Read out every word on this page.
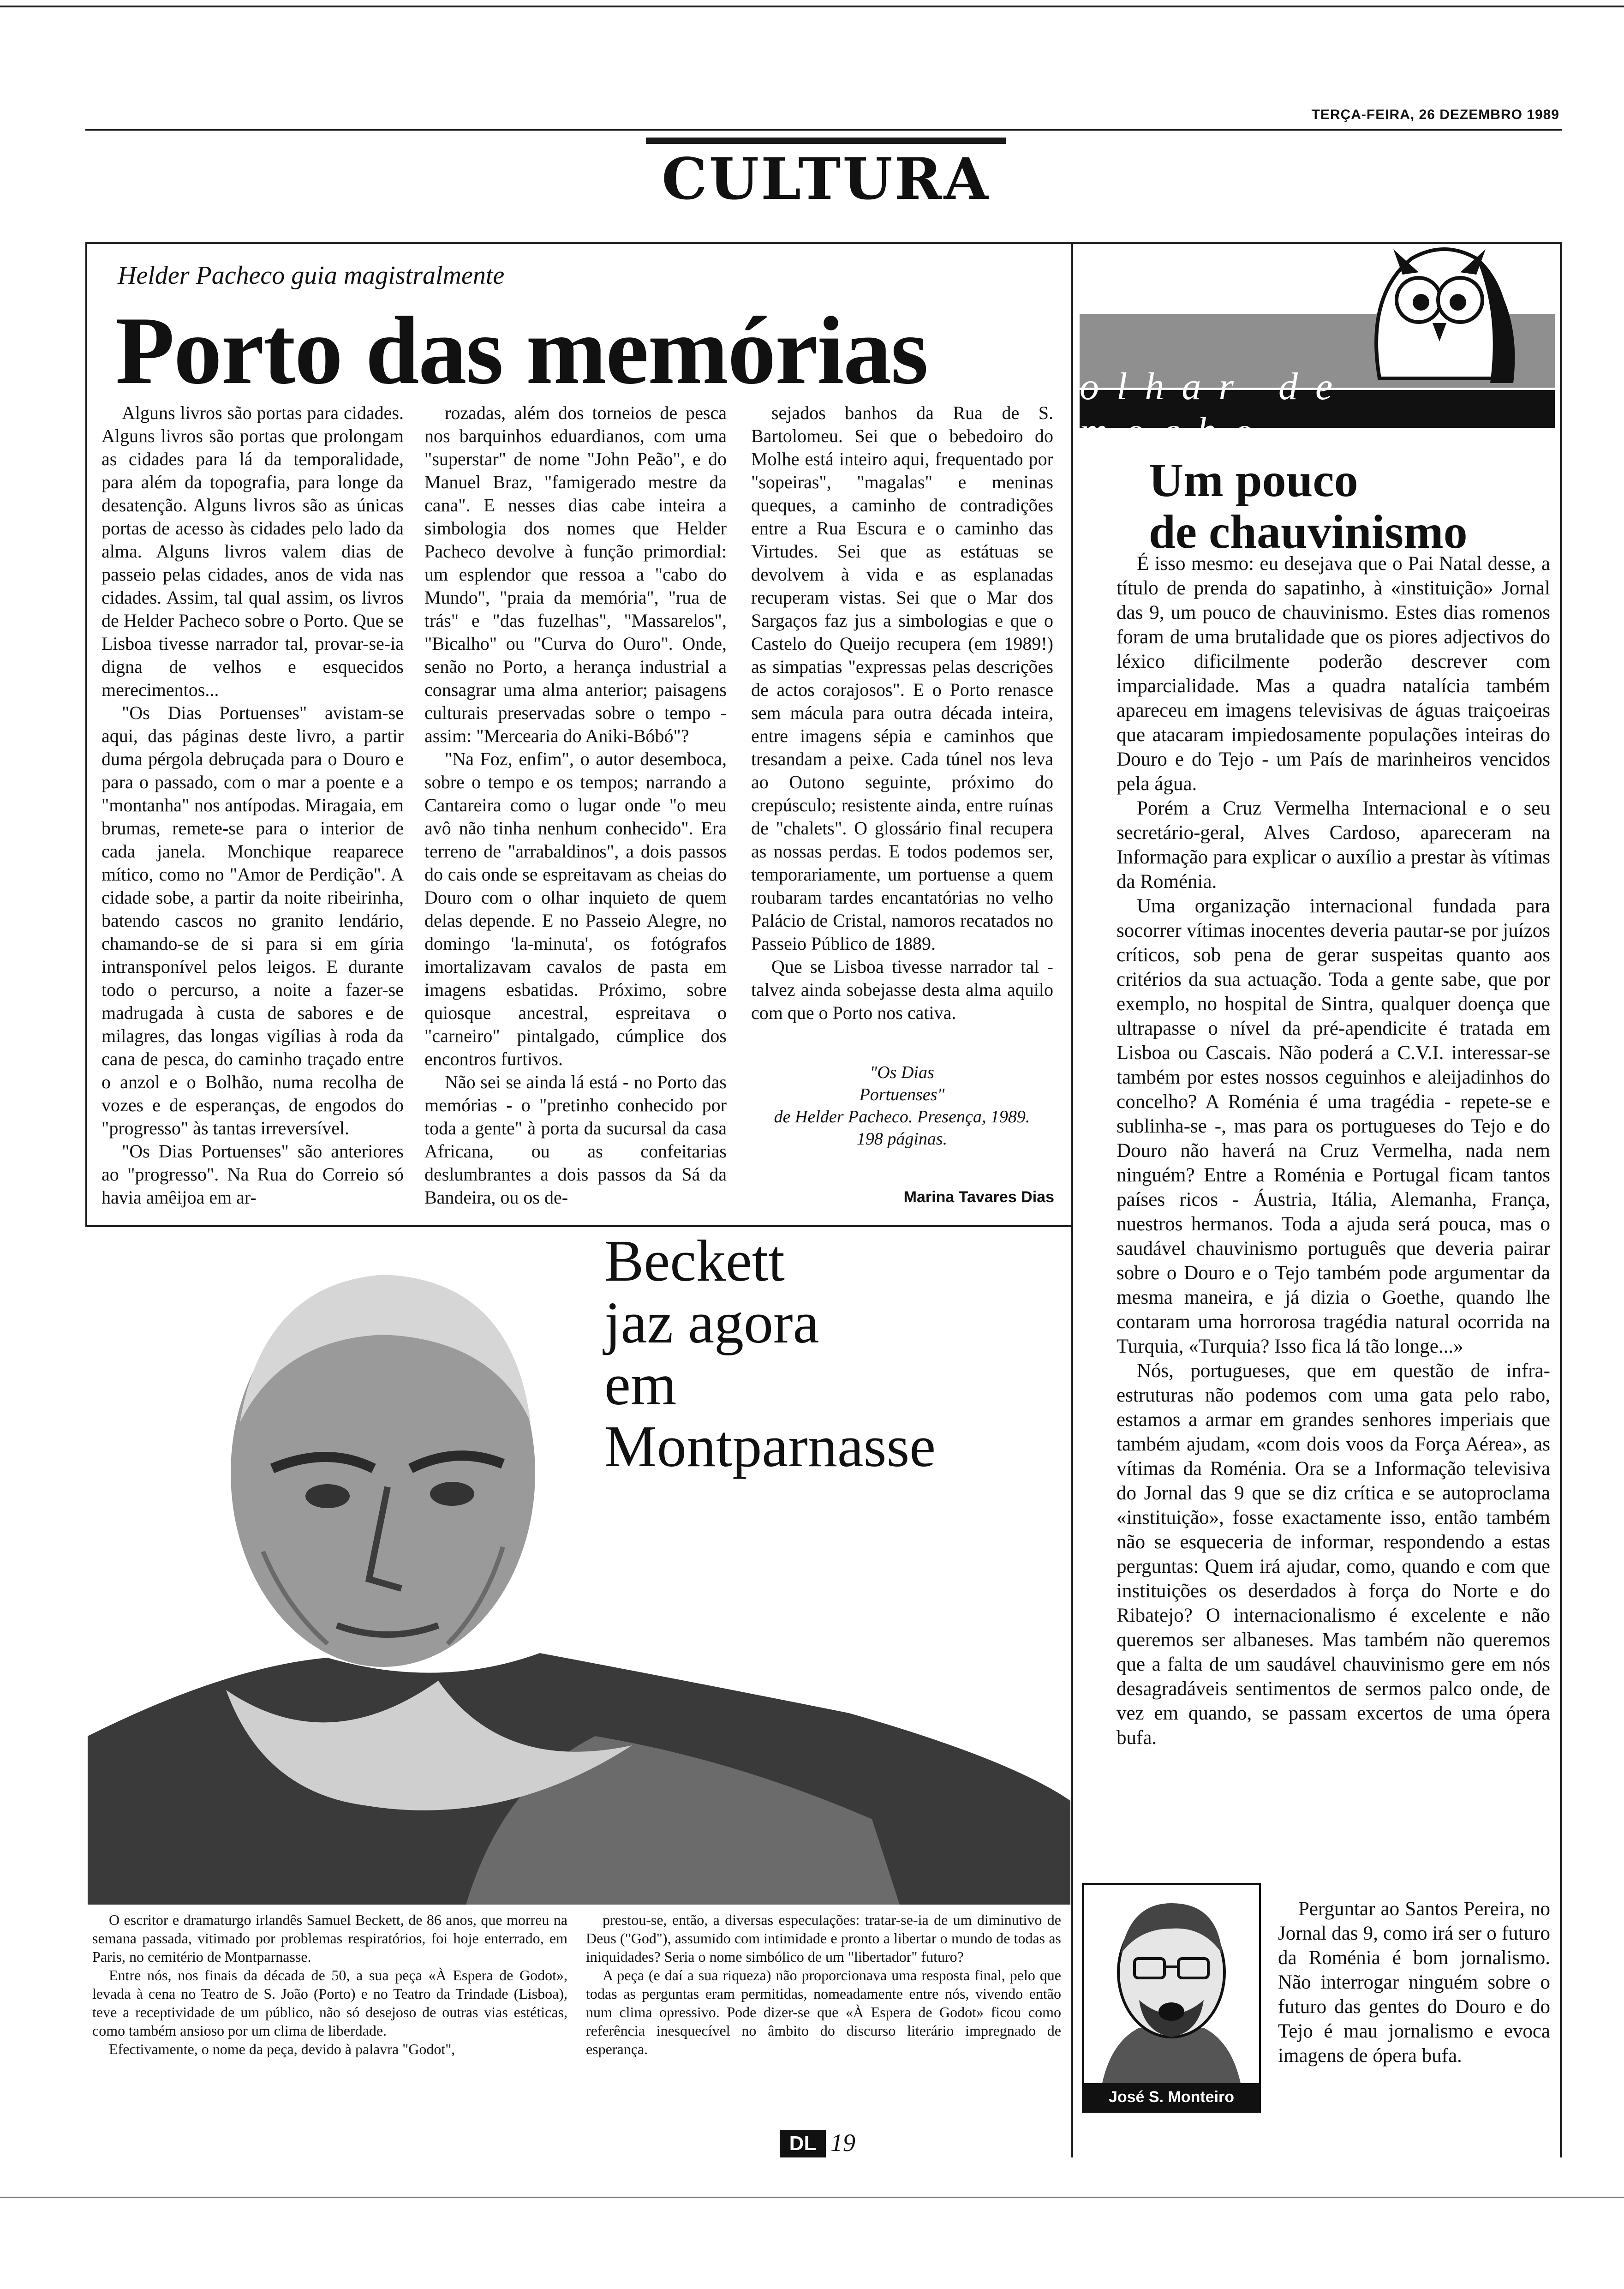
TERÇA-FEIRA, 26 DEZEMBRO 1989
CULTURA
Helder Pacheco guia magistralmente
Porto das memórias

Alguns livros são portas para cidades. Alguns livros são portas que prolongam as cidades para lá da temporalidade, para além da topografia, para longe da desatenção. Alguns livros são as únicas portas de acesso às cidades pelo lado da alma. Alguns livros valem dias de passeio pelas cidades, anos de vida nas cidades. Assim, tal qual assim, os livros de Helder Pacheco sobre o Porto. Que se Lisboa tivesse narrador tal, provar-se-ia digna de velhos e esquecidos merecimentos...

"Os Dias Portuenses" avistam-se aqui, das páginas deste livro, a partir duma pérgola debruçada para o Douro e para o passado, com o mar a poente e a "montanha" nos antípodas. Miragaia, em brumas, remete-se para o interior de cada janela. Monchique reaparece mítico, como no "Amor de Perdição". A cidade sobe, a partir da noite ribeirinha, batendo cascos no granito lendário, chamando-se de si para si em gíria intransponível pelos leigos. E durante todo o percurso, a noite a fazer-se madrugada à custa de sabores e de milagres, das longas vigílias à roda da cana de pesca, do caminho traçado entre o anzol e o Bolhão, numa recolha de vozes e de esperanças, de engodos do "progresso" às tantas irreversível.

"Os Dias Portuenses" são anteriores ao "progresso". Na Rua do Correio só havia amêijoa em ar-

rozadas, além dos torneios de pesca nos barquinhos eduardianos, com uma "superstar" de nome "John Peão", e do Manuel Braz, "famigerado mestre da cana". E nesses dias cabe inteira a simbologia dos nomes que Helder Pacheco devolve à função primordial: um esplendor que ressoa a "cabo do Mundo", "praia da memória", "rua de trás" e "das fuzelhas", "Massarelos", "Bicalho" ou "Curva do Ouro". Onde, senão no Porto, a herança industrial a consagrar uma alma anterior; paisagens culturais preservadas sobre o tempo - assim: "Mercearia do Aniki-Bóbó"?

"Na Foz, enfim", o autor desemboca, sobre o tempo e os tempos; narrando a Cantareira como o lugar onde "o meu avô não tinha nenhum conhecido". Era terreno de "arrabaldinos", a dois passos do cais onde se espreitavam as cheias do Douro com o olhar inquieto de quem delas depende. E no Passeio Alegre, no domingo 'la-minuta', os fotógrafos imortalizavam cavalos de pasta em imagens esbatidas. Próximo, sobre quiosque ancestral, espreitava o "carneiro" pintalgado, cúmplice dos encontros furtivos.

Não sei se ainda lá está - no Porto das memórias - o "pretinho conhecido por toda a gente" à porta da sucursal da casa Africana, ou as confeitarias deslumbrantes a dois passos da Sá da Bandeira, ou os de-

sejados banhos da Rua de S. Bartolomeu. Sei que o bebedoiro do Molhe está inteiro aqui, frequentado por "sopeiras", "magalas" e meninas queques, a caminho de contradições entre a Rua Escura e o caminho das Virtudes. Sei que as estátuas se devolvem à vida e as esplanadas recuperam vistas. Sei que o Mar dos Sargaços faz jus a simbologias e que o Castelo do Queijo recupera (em 1989!) as simpatias "expressas pelas descrições de actos corajosos". E o Porto renasce sem mácula para outra década inteira, entre imagens sépia e caminhos que tresandam a peixe. Cada túnel nos leva ao Outono seguinte, próximo do crepúsculo; resistente ainda, entre ruínas de "chalets". O glossário final recupera as nossas perdas. E todos podemos ser, temporariamente, um portuense a quem roubaram tardes encantatórias no velho Palácio de Cristal, namoros recatados no Passeio Público de 1889.

Que se Lisboa tivesse narrador tal - talvez ainda sobejasse desta alma aquilo com que o Porto nos cativa.

"Os Dias
Portuenses"
de Helder Pacheco. Presença, 1989.
198 páginas.
Marina Tavares Dias
Beckett
jaz agora
em
Montparnasse

O escritor e dramaturgo irlandês Samuel Beckett, de 86 anos, que morreu na semana passada, vitimado por problemas respiratórios, foi hoje enterrado, em Paris, no cemitério de Montparnasse.

Entre nós, nos finais da década de 50, a sua peça «À Espera de Godot», levada à cena no Teatro de S. João (Porto) e no Teatro da Trindade (Lisboa), teve a receptividade de um público, não só desejoso de outras vias estéticas, como também ansioso por um clima de liberdade.

Efectivamente, o nome da peça, devido à palavra "Godot",

prestou-se, então, a diversas especulações: tratar-se-ia de um diminutivo de Deus ("God"), assumido com intimidade e pronto a libertar o mundo de todas as iniquidades? Seria o nome simbólico de um "libertador" futuro?

A peça (e daí a sua riqueza) não proporcionava uma resposta final, pelo que todas as perguntas eram permitidas, nomeadamente entre nós, vivendo então num clima opressivo. Pode dizer-se que «À Espera de Godot» ficou como referência inesquecível no âmbito do discurso literário impregnado de esperança.

mocho
Um pouco
de chauvinismo

É isso mesmo: eu desejava que o Pai Natal desse, a título de prenda do sapatinho, à «instituição» Jornal das 9, um pouco de chauvinismo. Estes dias romenos foram de uma brutalidade que os piores adjectivos do léxico dificilmente poderão descrever com imparcialidade. Mas a quadra natalícia também apareceu em imagens televisivas de águas traiçoeiras que atacaram impiedosamente populações inteiras do Douro e do Tejo - um País de marinheiros vencidos pela água.

Porém a Cruz Vermelha Internacional e o seu secretário-geral, Alves Cardoso, apareceram na Informação para explicar o auxílio a prestar às vítimas da Roménia.

Uma organização internacional fundada para socorrer vítimas inocentes deveria pautar-se por juízos críticos, sob pena de gerar suspeitas quanto aos critérios da sua actuação. Toda a gente sabe, que por exemplo, no hospital de Sintra, qualquer doença que ultrapasse o nível da pré-apendicite é tratada em Lisboa ou Cascais. Não poderá a C.V.I. interessar-se também por estes nossos ceguinhos e aleijadinhos do concelho? A Roménia é uma tragédia - repete-se e sublinha-se -, mas para os portugueses do Tejo e do Douro não haverá na Cruz Vermelha, nada nem ninguém? Entre a Roménia e Portugal ficam tantos países ricos - Áustria, Itália, Alemanha, França, nuestros hermanos. Toda a ajuda será pouca, mas o saudável chauvinismo português que deveria pairar sobre o Douro e o Tejo também pode argumentar da mesma maneira, e já dizia o Goethe, quando lhe contaram uma horrorosa tragédia natural ocorrida na Turquia, «Turquia? Isso fica lá tão longe...»

Nós, portugueses, que em questão de infra-estruturas não podemos com uma gata pelo rabo, estamos a armar em grandes senhores imperiais que também ajudam, «com dois voos da Força Aérea», as vítimas da Roménia. Ora se a Informação televisiva do Jornal das 9 que se diz crítica e se autoproclama «instituição», fosse exactamente isso, então também não se esqueceria de informar, respondendo a estas perguntas: Quem irá ajudar, como, quando e com que instituições os deserdados à força do Norte e do Ribatejo? O internacionalismo é excelente e não queremos ser albaneses. Mas também não queremos que a falta de um saudável chauvinismo gere em nós desagradáveis sentimentos de sermos palco onde, de vez em quando, se passam excertos de uma ópera bufa.

Perguntar ao Santos Pereira, no Jornal das 9, como irá ser o futuro da Roménia é bom jornalismo. Não interrogar ninguém sobre o futuro das gentes do Douro e do Tejo é mau jornalismo e evoca imagens de ópera bufa.

José S. Monteiro
DL 19
